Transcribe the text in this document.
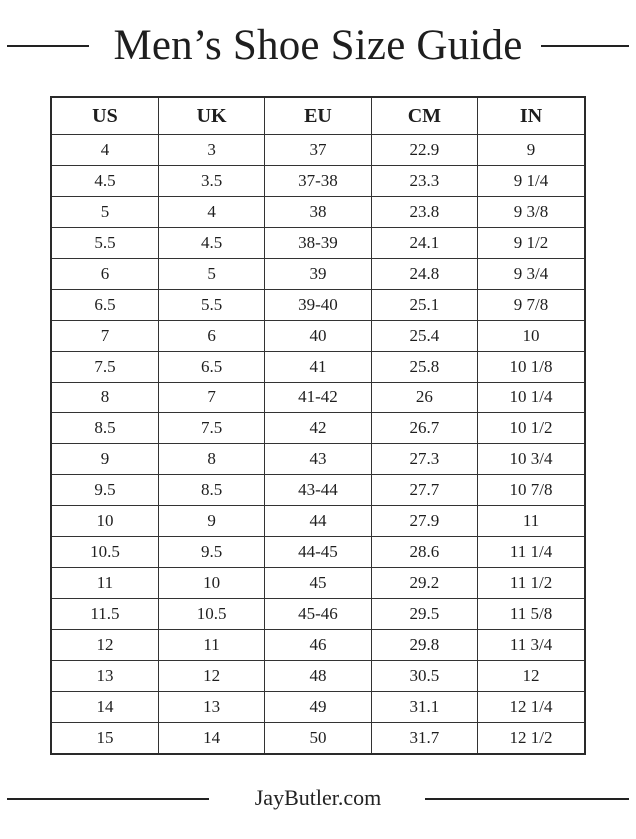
Men’s Shoe Size Guide
US	UK	EU	CM	IN
4	3	37	22.9	9
4.5	3.5	37-38	23.3	9 1/4
5	4	38	23.8	9 3/8
5.5	4.5	38-39	24.1	9 1/2
6	5	39	24.8	9 3/4
6.5	5.5	39-40	25.1	9 7/8
7	6	40	25.4	10
7.5	6.5	41	25.8	10 1/8
8	7	41-42	26	10 1/4
8.5	7.5	42	26.7	10 1/2
9	8	43	27.3	10 3/4
9.5	8.5	43-44	27.7	10 7/8
10	9	44	27.9	11
10.5	9.5	44-45	28.6	11 1/4
11	10	45	29.2	11 1/2
11.5	10.5	45-46	29.5	11 5/8
12	11	46	29.8	11 3/4
13	12	48	30.5	12
14	13	49	31.1	12 1/4
15	14	50	31.7	12 1/2
JayButler.com
